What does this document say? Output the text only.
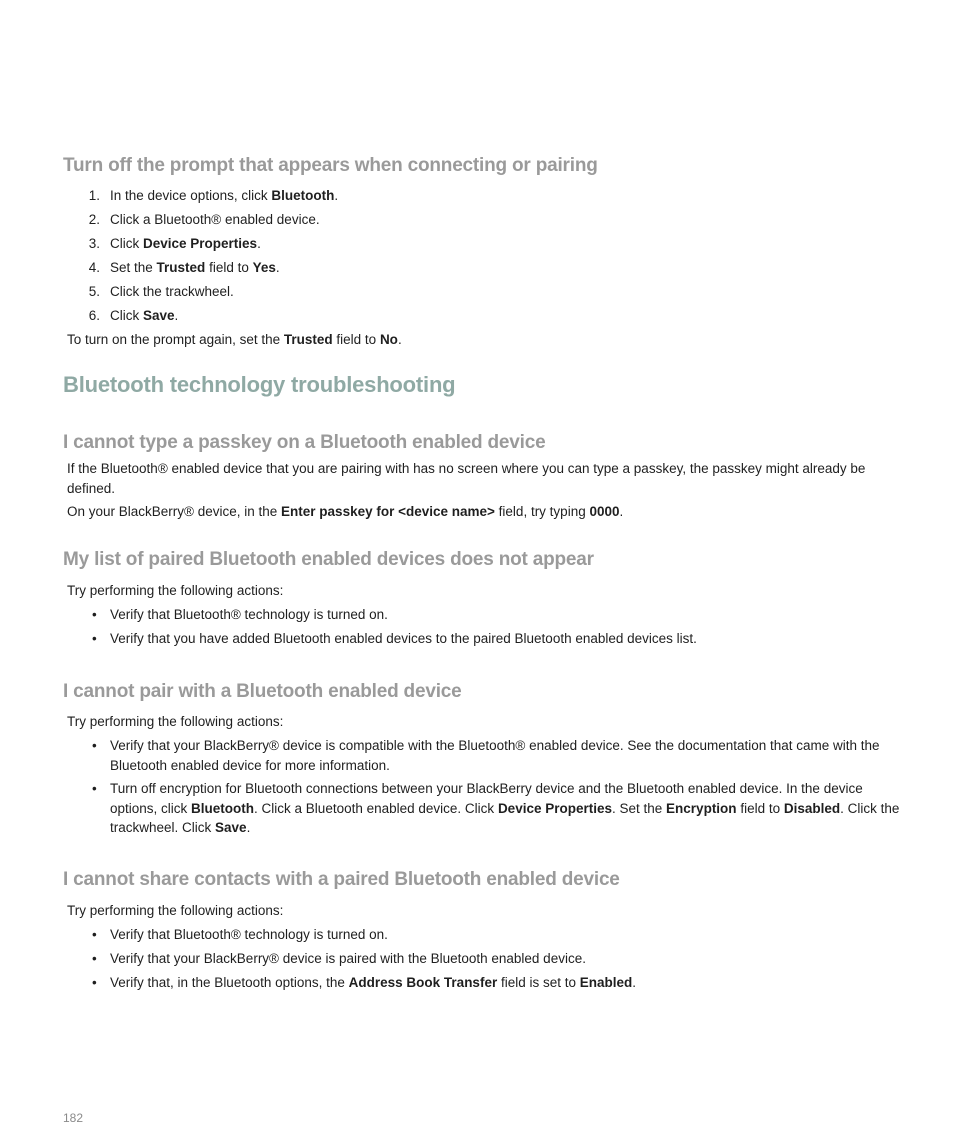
Turn off the prompt that appears when connecting or pairing
1. In the device options, click Bluetooth.

2. Click a Bluetooth® enabled device.

3. Click Device Properties.

4. Set the Trusted field to Yes.

5. Click the trackwheel.

6. Click Save.

To turn on the prompt again, set the Trusted field to No.

Bluetooth technology troubleshooting
I cannot type a passkey on a Bluetooth enabled device

If the Bluetooth® enabled device that you are pairing with has no screen where you can type a passkey, the passkey might already be defined.

On your BlackBerry® device, in the Enter passkey for <device name> field, try typing 0000.

My list of paired Bluetooth enabled devices does not appear

Try performing the following actions:

• Verify that Bluetooth® technology is turned on.

• Verify that you have added Bluetooth enabled devices to the paired Bluetooth enabled devices list.

I cannot pair with a Bluetooth enabled device

Try performing the following actions:

• Verify that your BlackBerry® device is compatible with the Bluetooth® enabled device. See the documentation that came with the Bluetooth enabled device for more information.

• Turn off encryption for Bluetooth connections between your BlackBerry device and the Bluetooth enabled device. In the device options, click Bluetooth. Click a Bluetooth enabled device. Click Device Properties. Set the Encryption field to Disabled. Click the trackwheel. Click Save.

I cannot share contacts with a paired Bluetooth enabled device

Try performing the following actions:

• Verify that Bluetooth® technology is turned on.

• Verify that your BlackBerry® device is paired with the Bluetooth enabled device.

• Verify that, in the Bluetooth options, the Address Book Transfer field is set to Enabled.

182
